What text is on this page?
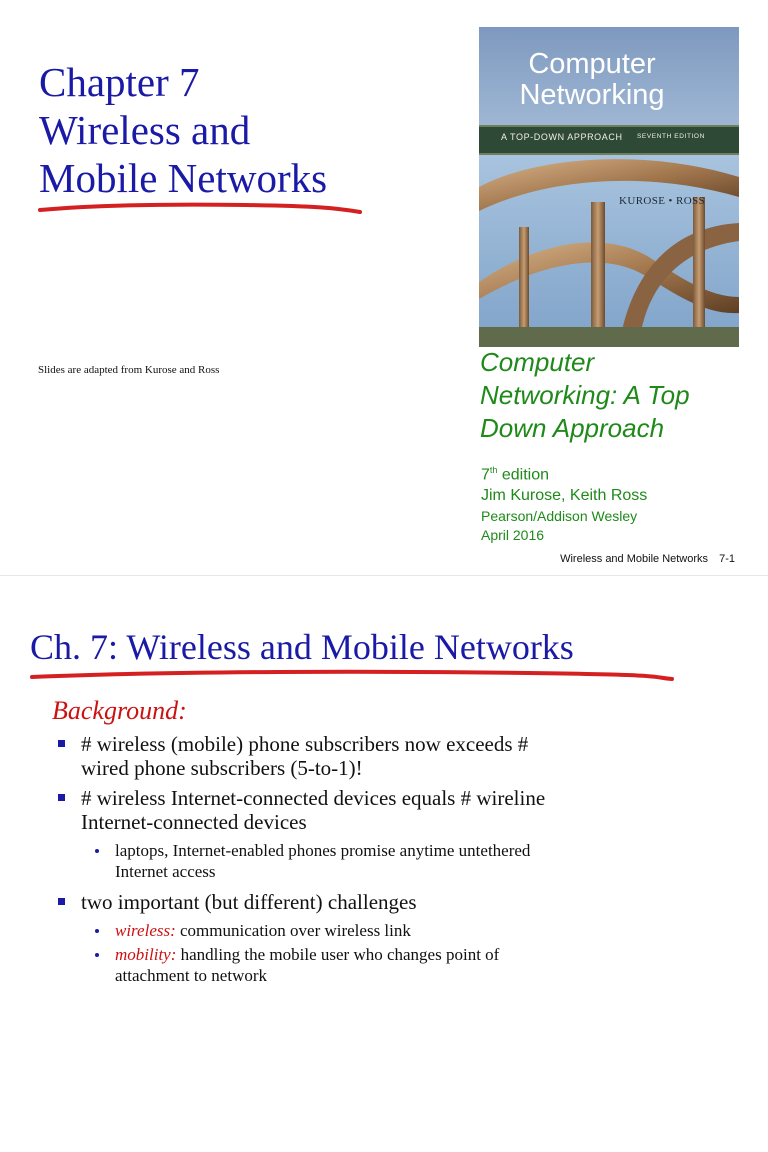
Chapter 7
Wireless and
Mobile Networks
Slides are adapted from Kurose and Ross
Computer
Networking
A TOP-DOWN APPROACH SEVENTH EDITION
KUROSE • ROSS
Computer
Networking: A Top
Down Approach
7th edition
Jim Kurose, Keith Ross
Pearson/Addison Wesley
April 2016
Wireless and Mobile Networks 7-1
Ch. 7: Wireless and Mobile Networks
Background:
# wireless (mobile) phone subscribers now exceeds #
wired phone subscribers (5-to-1)!
# wireless Internet-connected devices equals # wireline
Internet-connected devices
laptops, Internet-enabled phones promise anytime untethered
Internet access
two important (but different) challenges
wireless: communication over wireless link
mobility: handling the mobile user who changes point of
attachment to network
